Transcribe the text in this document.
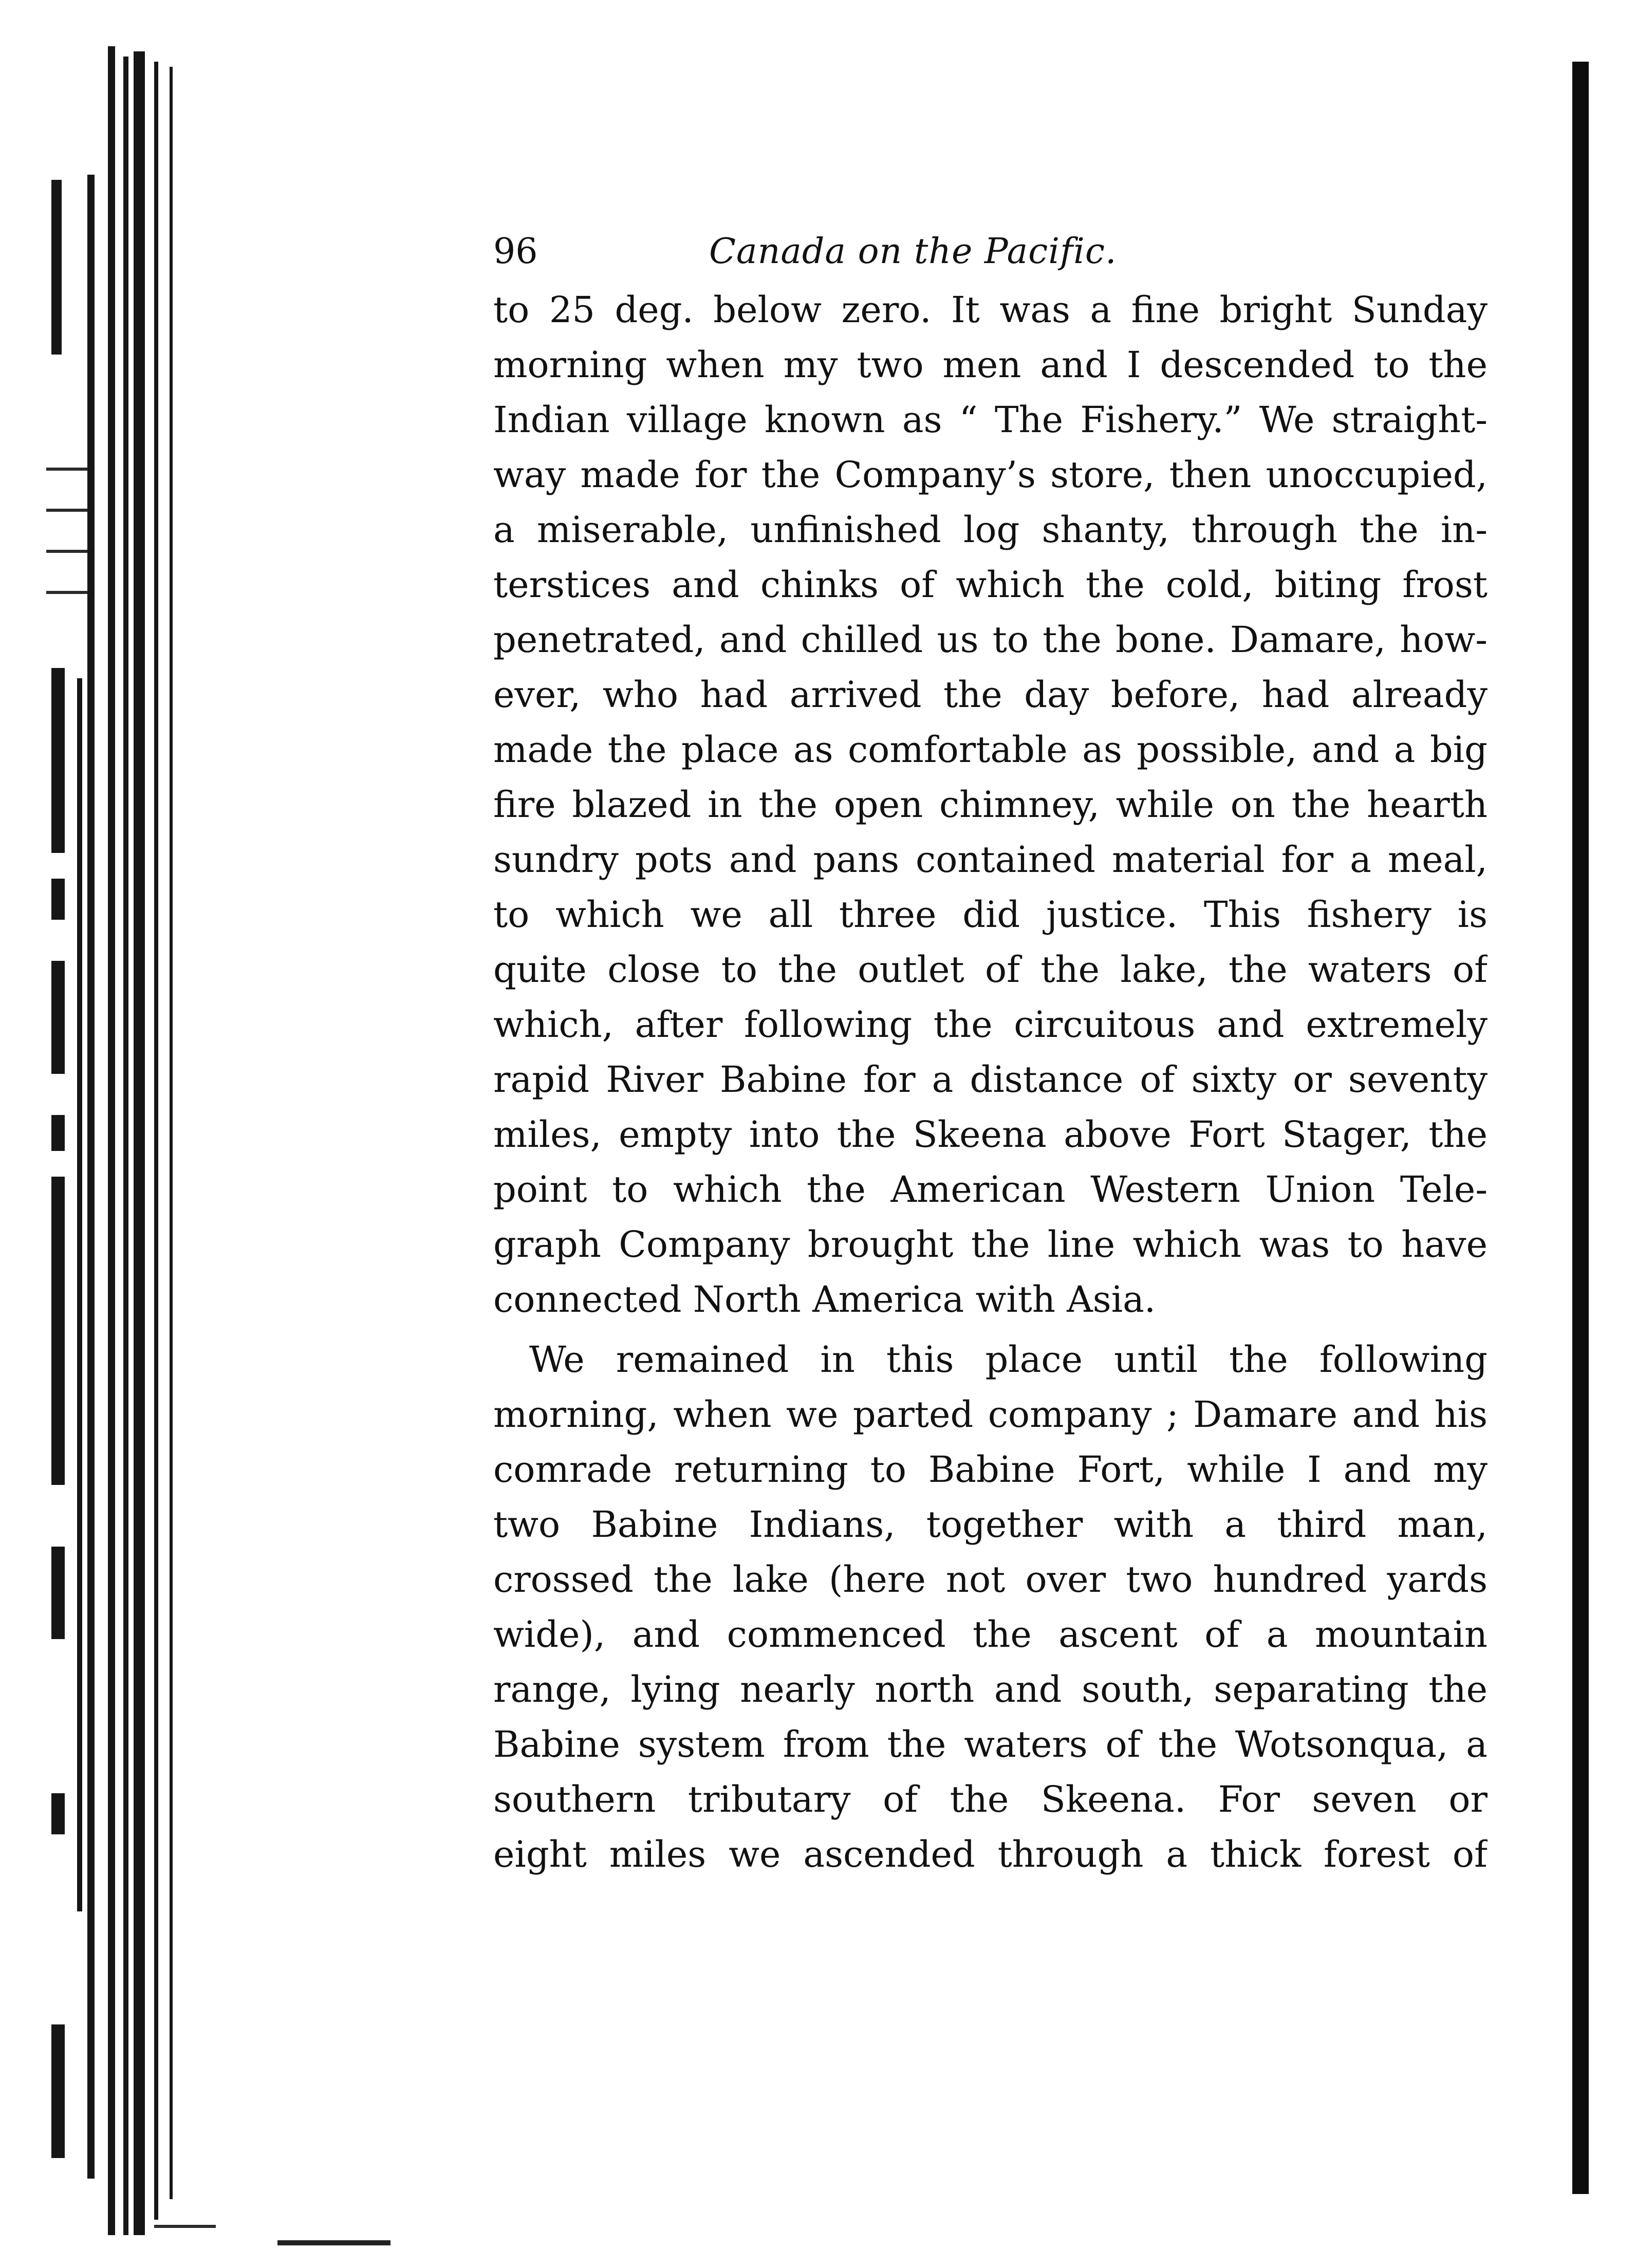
96	Canada on the Pacific.

to 25 deg. below zero. It was a fine bright Sunday
morning when my two men and I descended to the
Indian village known as “ The Fishery.” We straight-
way made for the Company’s store, then unoccupied,
a miserable, unfinished log shanty, through the in-
terstices and chinks of which the cold, biting frost
penetrated, and chilled us to the bone. Damare, how-
ever, who had arrived the day before, had already
made the place as comfortable as possible, and a big
fire blazed in the open chimney, while on the hearth
sundry pots and pans contained material for a meal,
to which we all three did justice. This fishery is
quite close to the outlet of the lake, the waters of
which, after following the circuitous and extremely
rapid River Babine for a distance of sixty or seventy
miles, empty into the Skeena above Fort Stager, the
point to which the American Western Union Tele-
graph Company brought the line which was to have
connected North America with Asia.

We remained in this place until the following
morning, when we parted company ; Damare and his
comrade returning to Babine Fort, while I and my
two Babine Indians, together with a third man,
crossed the lake (here not over two hundred yards
wide), and commenced the ascent of a mountain
range, lying nearly north and south, separating the
Babine system from the waters of the Wotsonqua, a
southern tributary of the Skeena. For seven or
eight miles we ascended through a thick forest of
